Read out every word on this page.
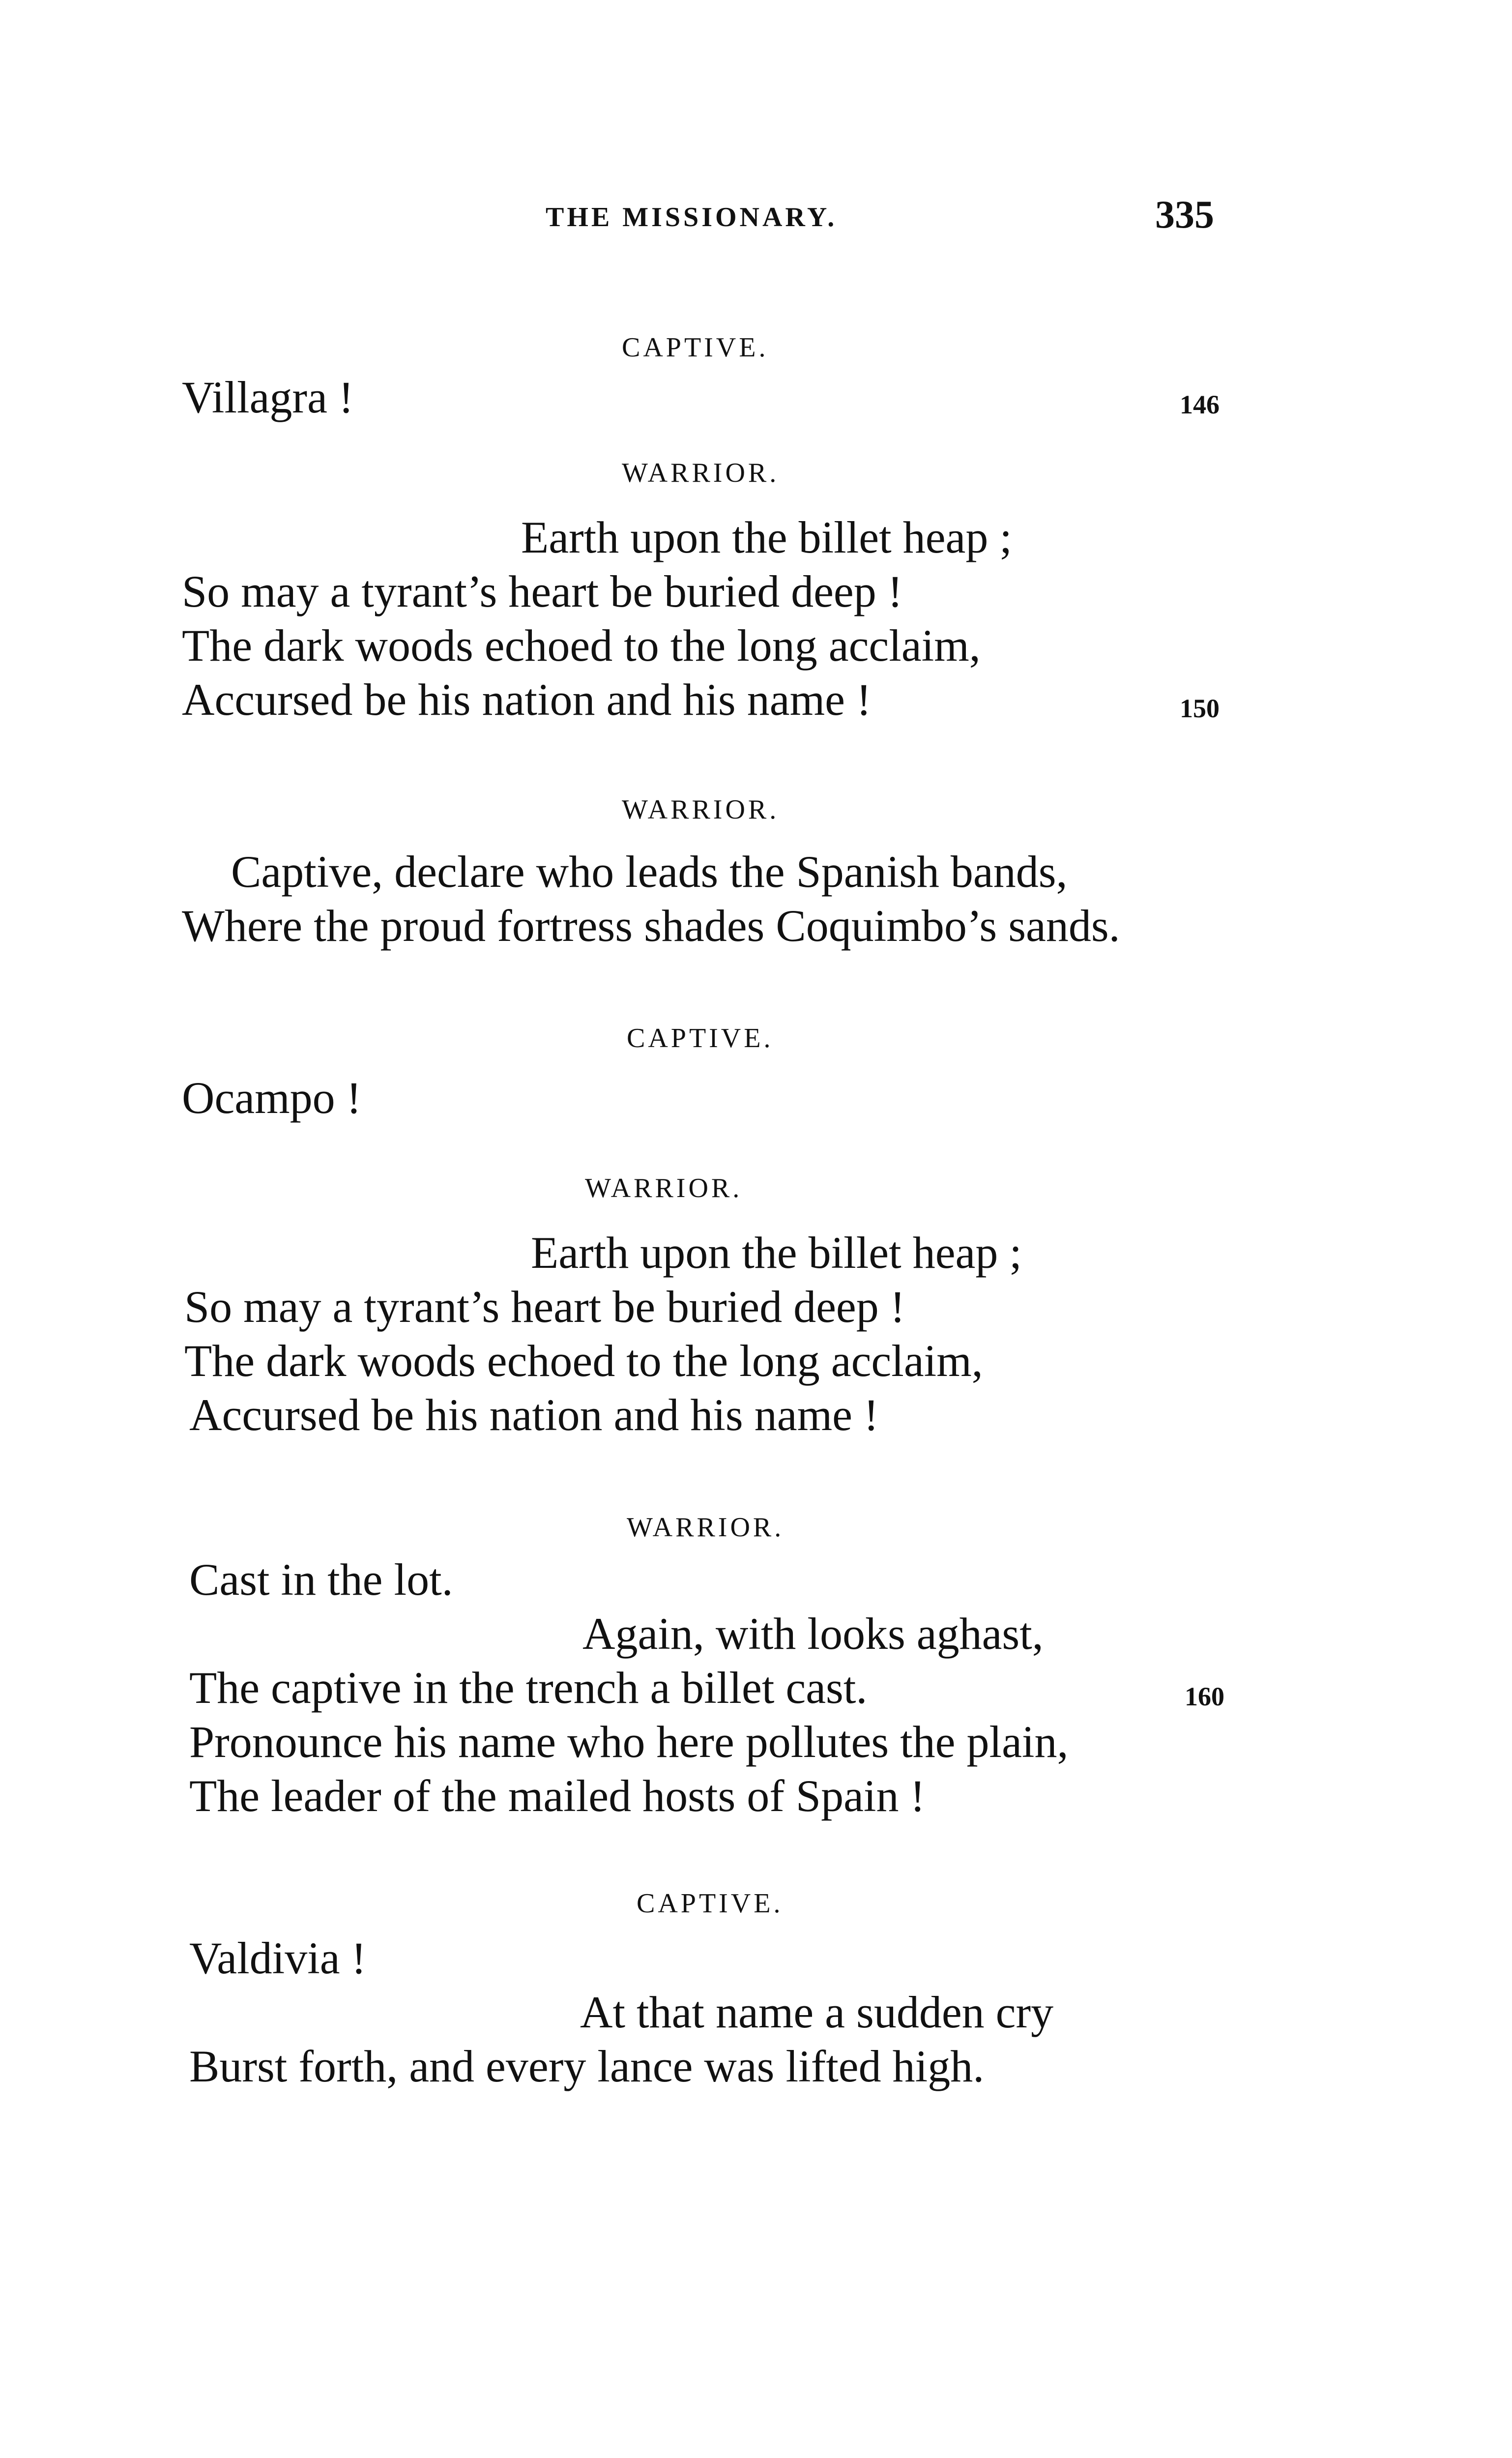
THE MISSIONARY.	335
CAPTIVE.
Villagra !	146
WARRIOR.
Earth upon the billet heap ;
So may a tyrant’s heart be buried deep !
The dark woods echoed to the long acclaim,
Accursed be his nation and his name !	150
WARRIOR.
Captive, declare who leads the Spanish bands,
Where the proud fortress shades Coquimbo’s sands.
CAPTIVE.
Ocampo !
WARRIOR.
Earth upon the billet heap ;
So may a tyrant’s heart be buried deep !
The dark woods echoed to the long acclaim,
Accursed be his nation and his name !
WARRIOR.
Cast in the lot.
Again, with looks aghast,
The captive in the trench a billet cast.	160
Pronounce his name who here pollutes the plain,
The leader of the mailed hosts of Spain !
CAPTIVE.
Valdivia !
At that name a sudden cry
Burst forth, and every lance was lifted high.
